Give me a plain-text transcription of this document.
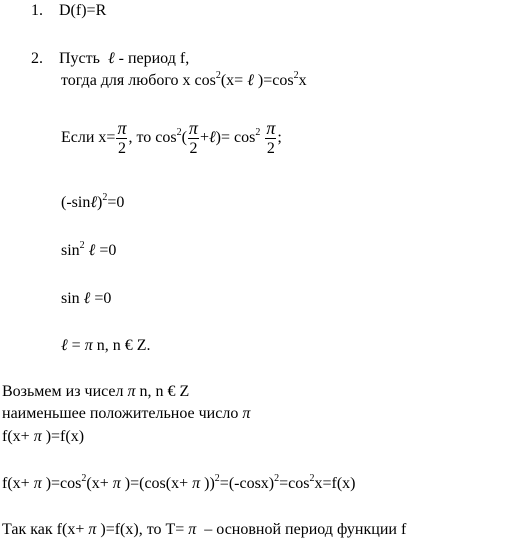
1. D(f)=R
2. Пусть ℓ - период f,
тогда для любого x $\cos^2(x=$ ℓ )$=\cos^2x$
Если $x= \frac{\pi}{2}$ , то $\cos^2( \frac{\pi}{2}$ +ℓ)= $\cos^2 \frac{\pi}{2}$ ;
(-sinℓ)$^2$=0
$\sin^2$ ℓ =0
sin ℓ =0
ℓ = π n, n € Z.
Возьмем из чисел π n, n € Z
наименьшее положительное число π
f(x+ π )=f(x)
f(x+ π )$=\cos^2(x+ \pi$ )=(cos(x+ π ))$^2=(-\cos x)^2=\cos^2x=f(x)$
Так как f(x+ π )=f(x), то T= π – основной период функции f
